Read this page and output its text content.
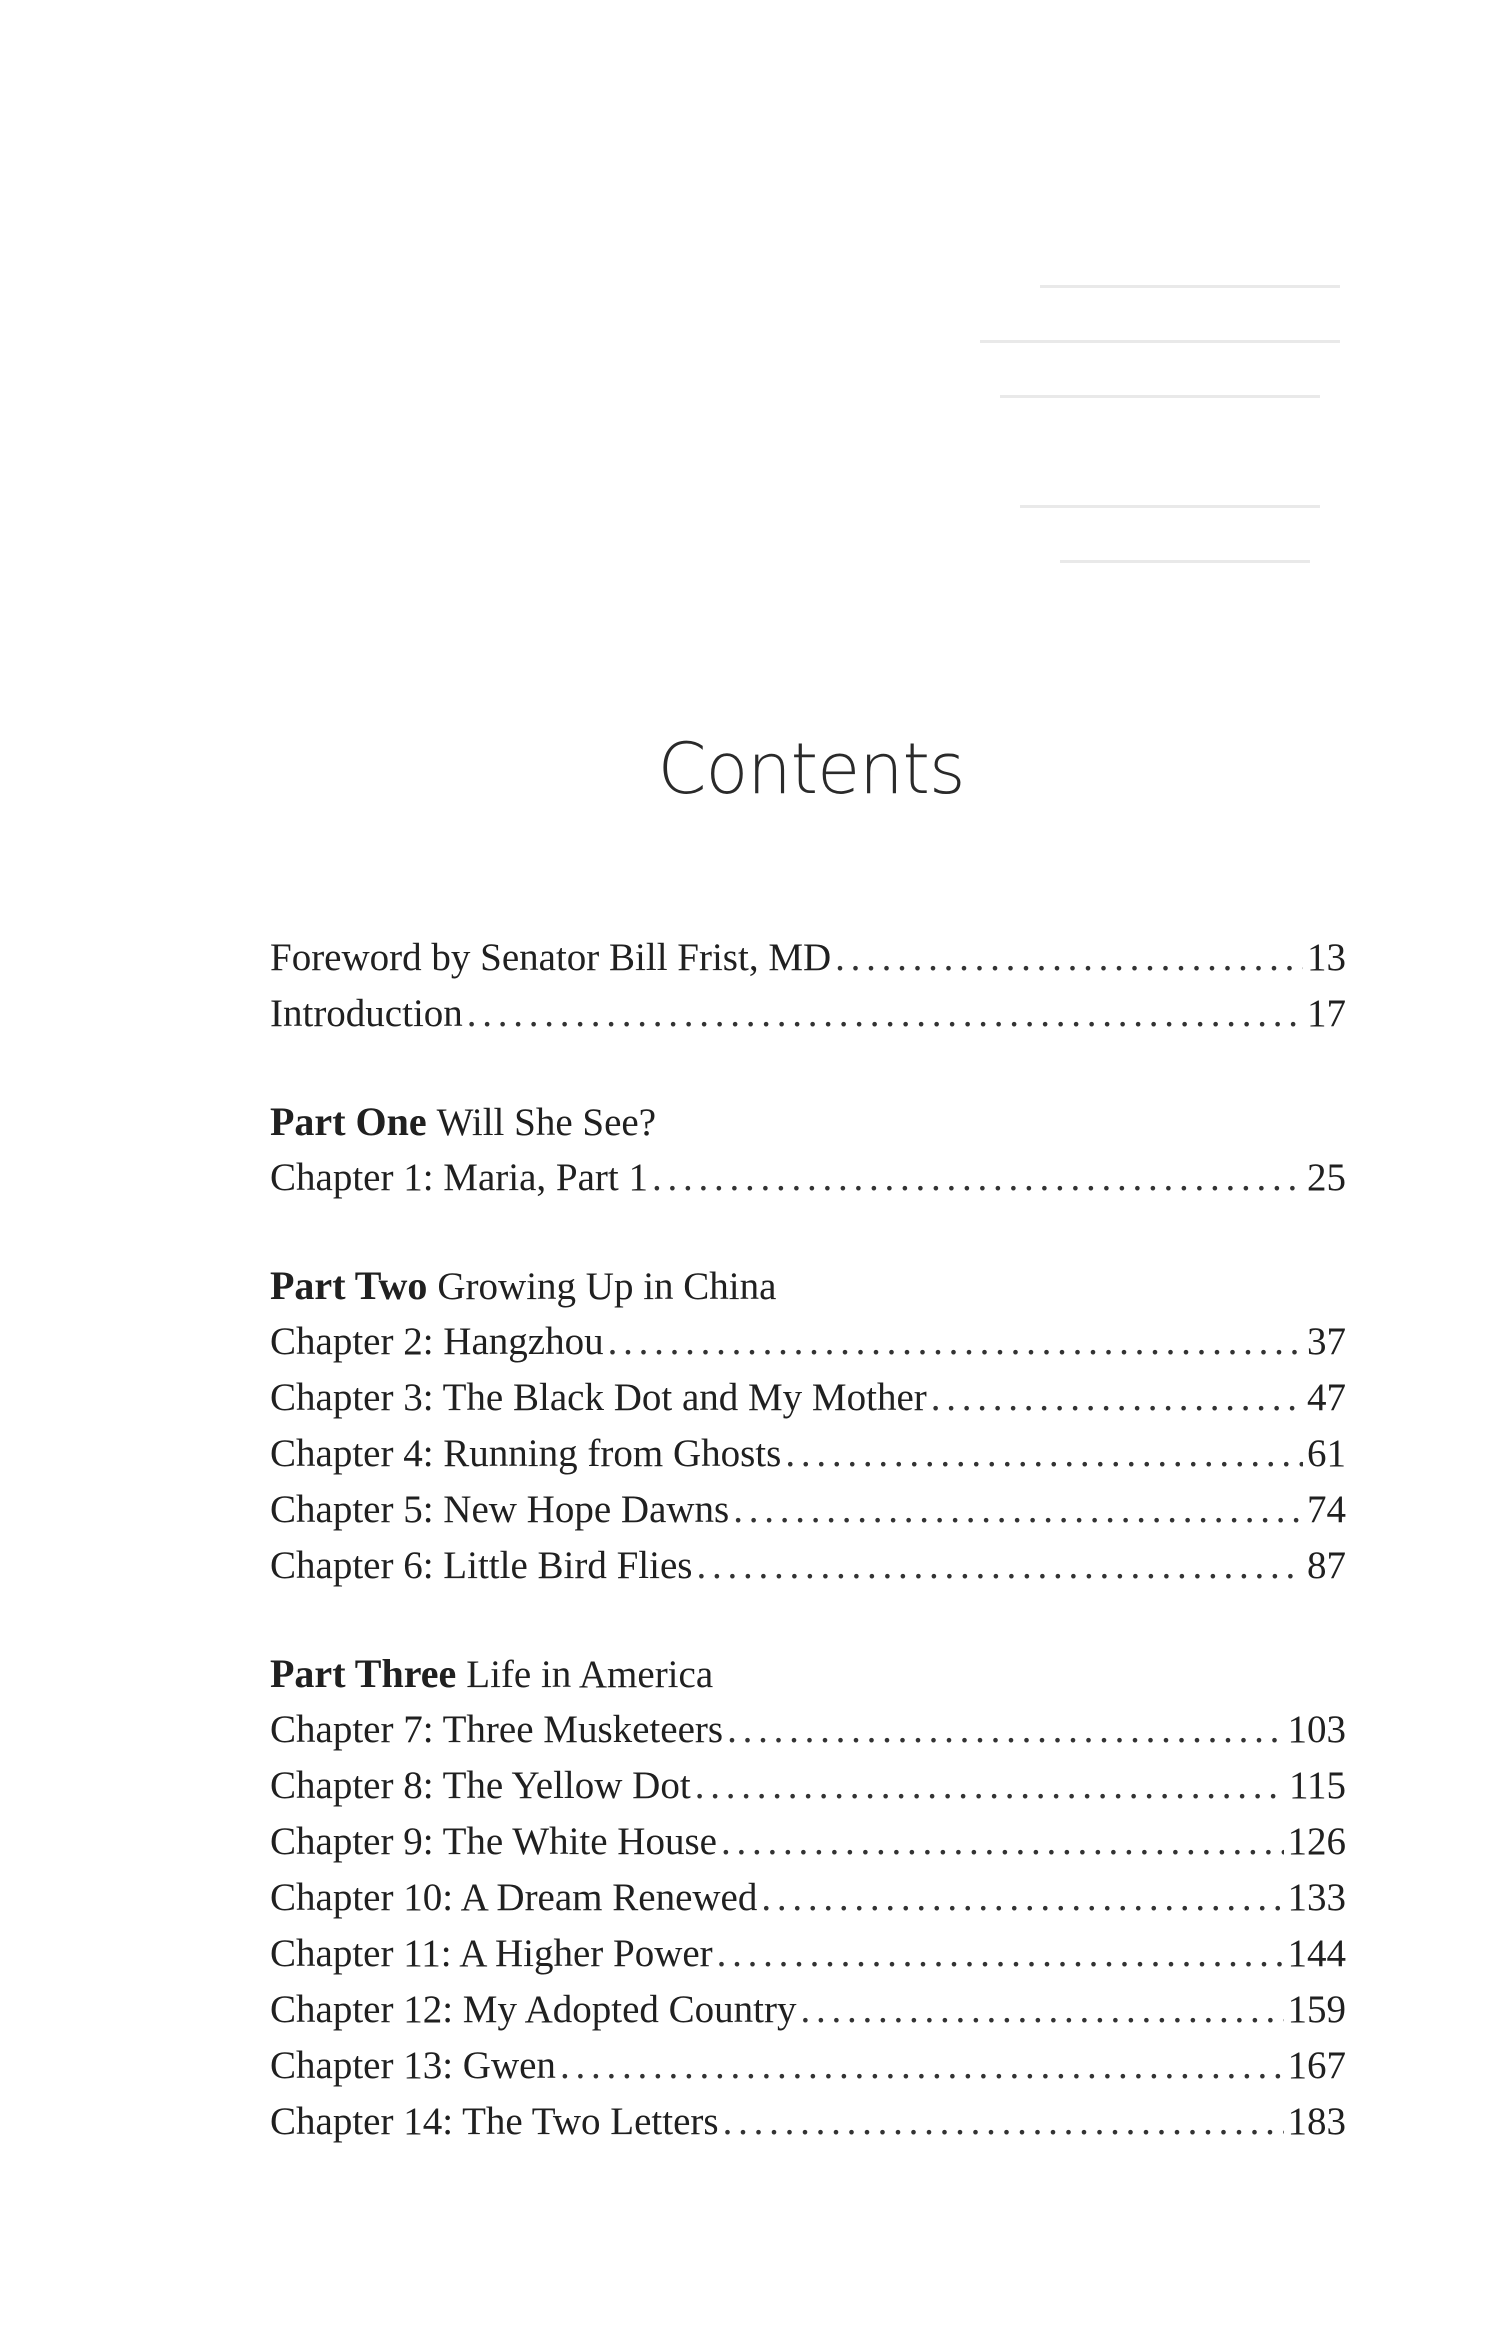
Contents
Foreword by Senator Bill Frist, MD . . .	13
Introduction . . .	17
Part One Will She See?
Chapter 1: Maria, Part 1 . . .	25
Part Two Growing Up in China
Chapter 2: Hangzhou . . .	37
Chapter 3: The Black Dot and My Mother . . .	47
Chapter 4: Running from Ghosts . . .	61
Chapter 5: New Hope Dawns . . .	74
Chapter 6: Little Bird Flies . . .	87
Part Three Life in America
Chapter 7: Three Musketeers . . .	103
Chapter 8: The Yellow Dot . . .	115
Chapter 9: The White House . . .	126
Chapter 10: A Dream Renewed . . .	133
Chapter 11: A Higher Power . . .	144
Chapter 12: My Adopted Country . . .	159
Chapter 13: Gwen . . .	167
Chapter 14: The Two Letters . . .	183
